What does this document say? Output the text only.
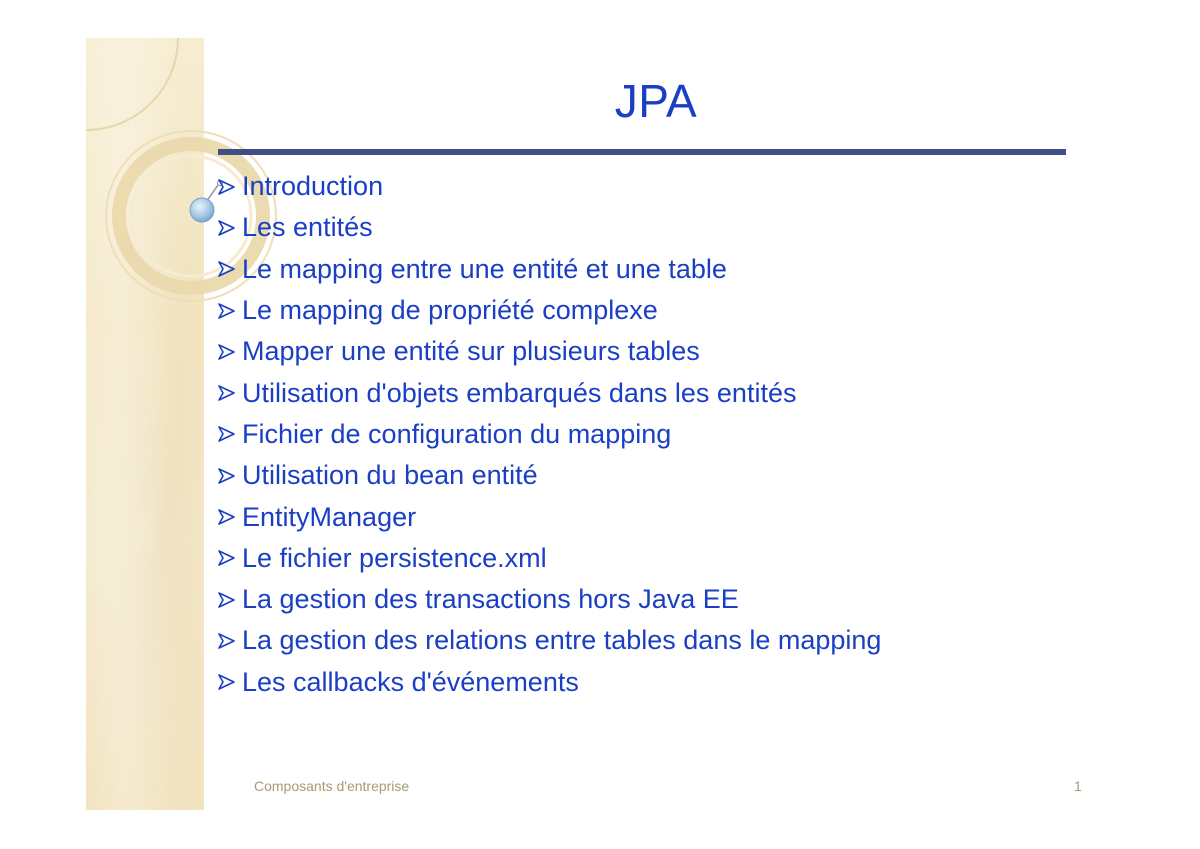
JPA
Introduction
Les entités
Le mapping entre une entité et une table
Le mapping de propriété complexe
Mapper une entité sur plusieurs tables
Utilisation d'objets embarqués dans les entités
Fichier de configuration du mapping
Utilisation du bean entité
EntityManager
Le fichier persistence.xml
La gestion des transactions hors Java EE
La gestion des relations entre tables dans le mapping
Les callbacks d'événements
Composants d'entreprise	1
